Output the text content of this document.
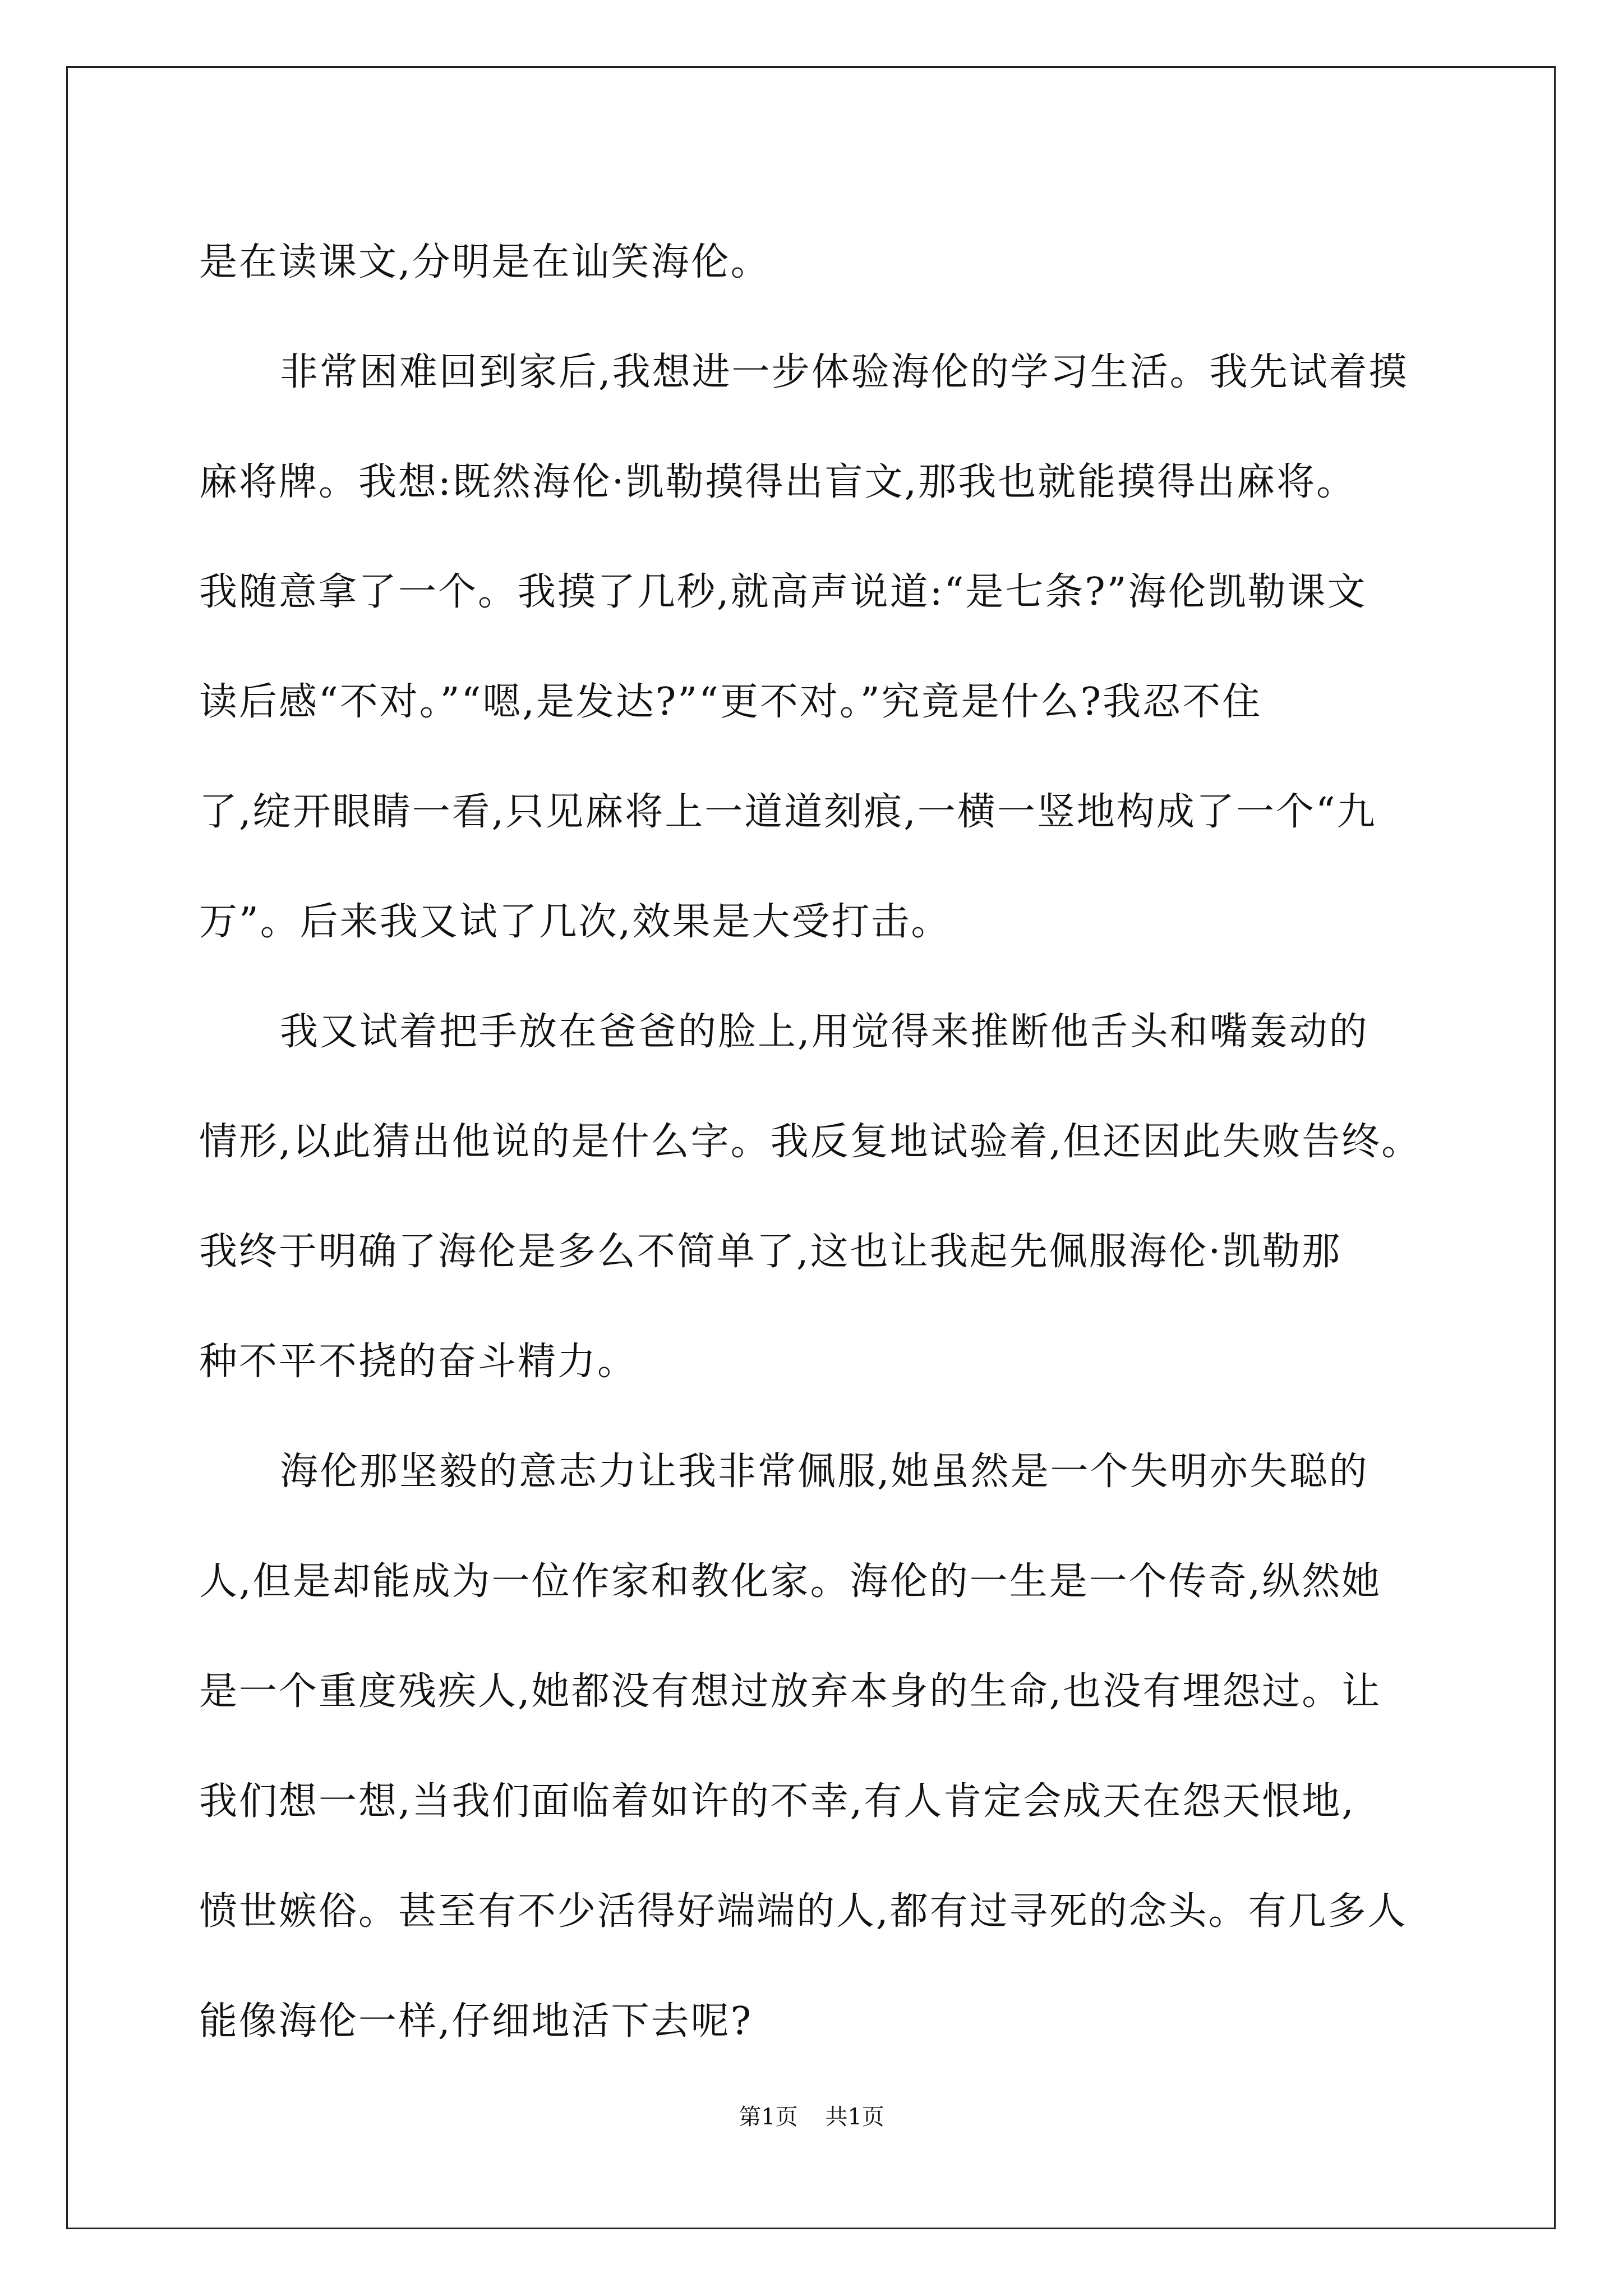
是在读课文,分明是在讪笑海伦。
非常困难回到家后,我想进一步体验海伦的学习生活。我先试着摸
麻将牌。我想:既然海伦·凯勒摸得出盲文,那我也就能摸得出麻将。
我随意拿了一个。我摸了几秒,就高声说道:“是七条?”海伦凯勒课文
读后感“不对。”“嗯,是发达?”“更不对。”究竟是什么?我忍不住
了,绽开眼睛一看,只见麻将上一道道刻痕,一横一竖地构成了一个“九
万”。后来我又试了几次,效果是大受打击。
我又试着把手放在爸爸的脸上,用觉得来推断他舌头和嘴轰动的
情形,以此猜出他说的是什么字。我反复地试验着,但还因此失败告终。
我终于明确了海伦是多么不简单了,这也让我起先佩服海伦·凯勒那
种不平不挠的奋斗精力。
海伦那坚毅的意志力让我非常佩服,她虽然是一个失明亦失聪的
人,但是却能成为一位作家和教化家。海伦的一生是一个传奇,纵然她
是一个重度残疾人,她都没有想过放弃本身的生命,也没有埋怨过。让
我们想一想,当我们面临着如许的不幸,有人肯定会成天在怨天恨地,
愤世嫉俗。甚至有不少活得好端端的人,都有过寻死的念头。有几多人
能像海伦一样,仔细地活下去呢?
第1页 共1页
